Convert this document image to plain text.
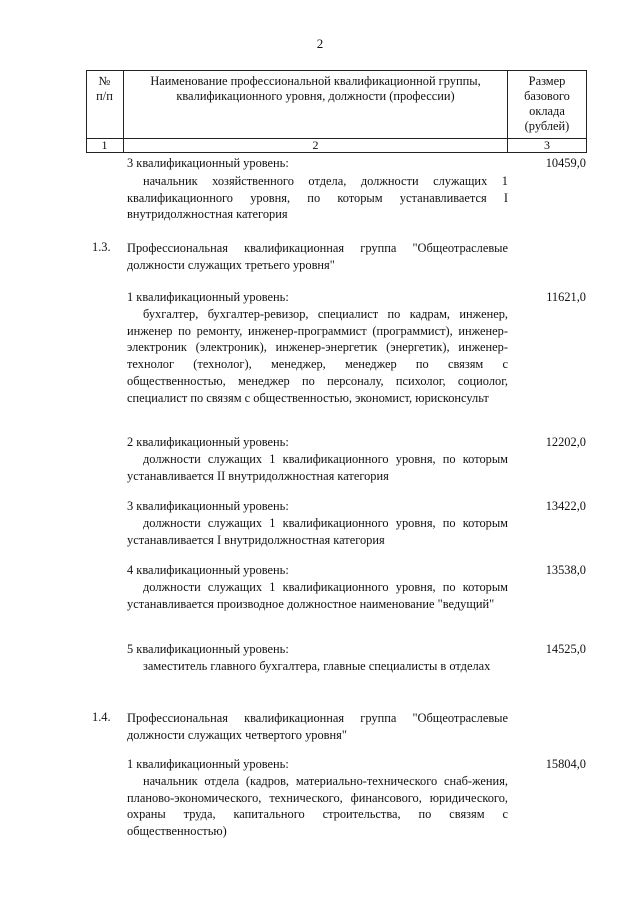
2
№
п/п
Наименование профессиональной квалификационной группы,
квалификационного уровня, должности (профессии)
Размер
базового
оклада
(рублей)
1	2	3
3 квалификационный уровень:
начальник хозяйственного отдела, должности служащих 1 квалификационного уровня, по которым устанавливается I внутридолжностная категория
10459,0
1.3. Профессиональная квалификационная группа "Общеотраслевые должности служащих третьего уровня"
1 квалификационный уровень:
бухгалтер, бухгалтер-ревизор, специалист по кадрам, инженер, инженер по ремонту, инженер-программист (программист), инженер-электроник (электроник), инженер-энергетик (энергетик), инженер-технолог (технолог), менеджер, менеджер по связям с общественностью, менеджер по персоналу, психолог, социолог, специалист по связям с общественностью, экономист, юрисконсульт
11621,0
2 квалификационный уровень:
должности служащих 1 квалификационного уровня, по которым устанавливается II внутридолжностная категория
12202,0
3 квалификационный уровень:
должности служащих 1 квалификационного уровня, по которым устанавливается I внутридолжностная категория
13422,0
4 квалификационный уровень:
должности служащих 1 квалификационного уровня, по которым устанавливается производное должностное наименование "ведущий"
13538,0
5 квалификационный уровень:
заместитель главного бухгалтера, главные специалисты в отделах
14525,0
1.4. Профессиональная квалификационная группа "Общеотраслевые должности служащих четвертого уровня"
1 квалификационный уровень:
начальник отдела (кадров, материально-технического снаб-жения, планово-экономического, технического, финансового, юридического, охраны труда, капитального строительства, по связям с общественностью)
15804,0
